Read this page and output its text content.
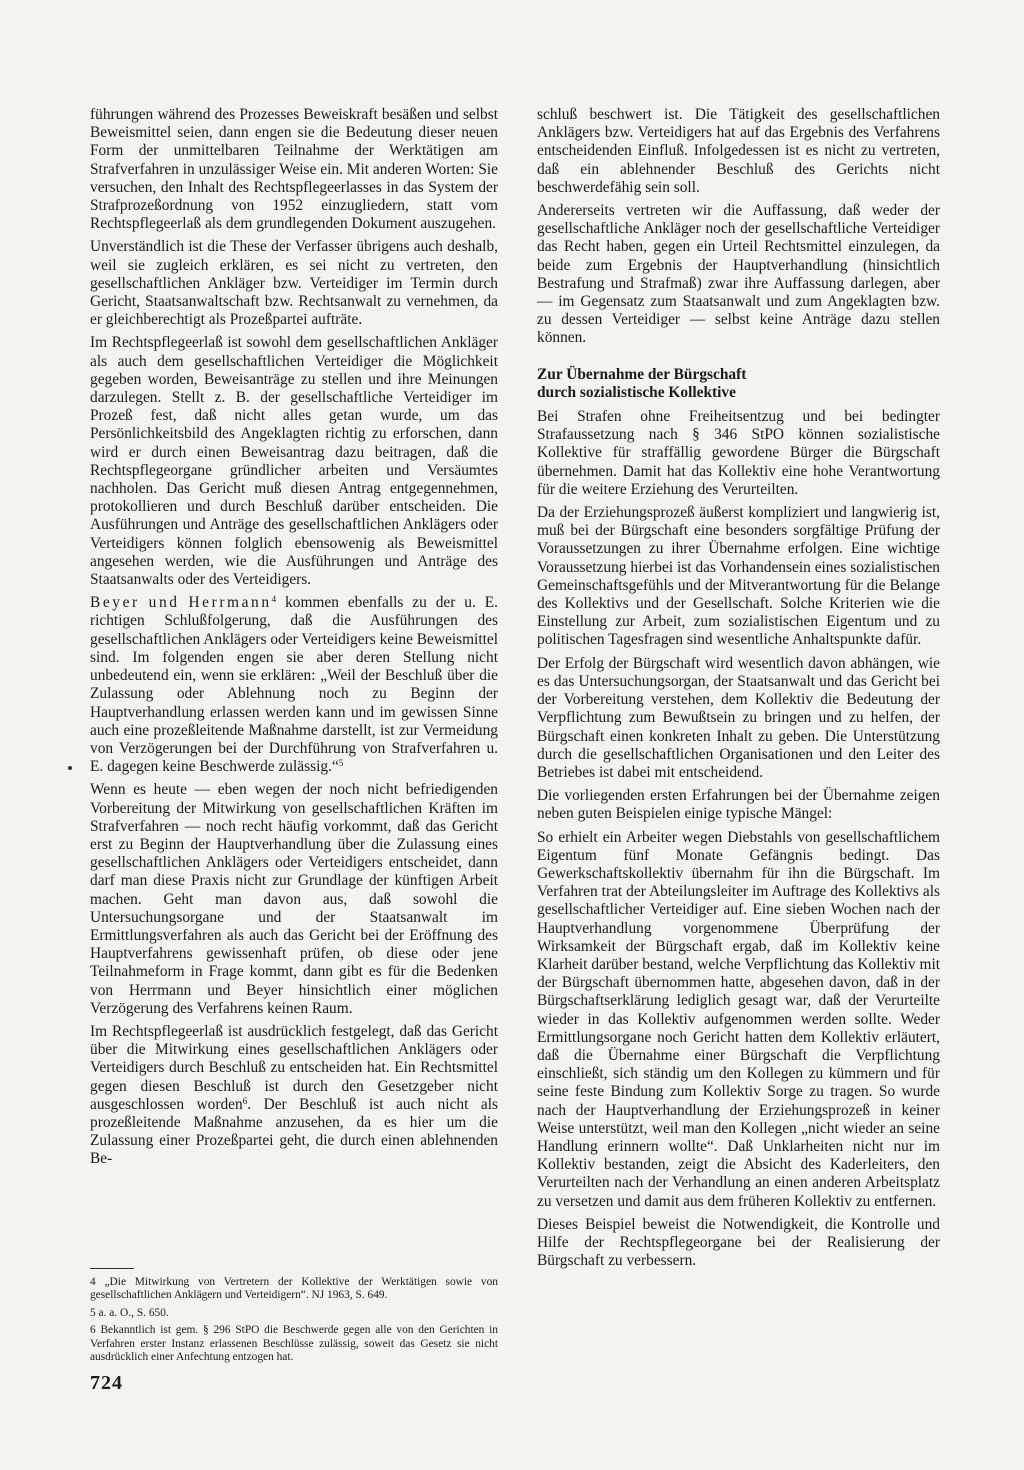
führungen während des Prozesses Beweiskraft besäßen und selbst Beweismittel seien, dann engen sie die Bedeutung dieser neuen Form der unmittelbaren Teilnahme der Werktätigen am Strafverfahren in unzulässiger Weise ein. Mit anderen Worten: Sie versuchen, den Inhalt des Rechtspflegeerlasses in das System der Strafprozeßordnung von 1952 einzugliedern, statt vom Rechtspflegeerlaß als dem grundlegenden Dokument auszugehen.

Unverständlich ist die These der Verfasser übrigens auch deshalb, weil sie zugleich erklären, es sei nicht zu vertreten, den gesellschaftlichen Ankläger bzw. Verteidiger im Termin durch Gericht, Staatsanwaltschaft bzw. Rechtsanwalt zu vernehmen, da er gleichberechtigt als Prozeßpartei aufträte.

Im Rechtspflegeerlaß ist sowohl dem gesellschaftlichen Ankläger als auch dem gesellschaftlichen Verteidiger die Möglichkeit gegeben worden, Beweisanträge zu stellen und ihre Meinungen darzulegen. Stellt z. B. der gesellschaftliche Verteidiger im Prozeß fest, daß nicht alles getan wurde, um das Persönlichkeitsbild des Angeklagten richtig zu erforschen, dann wird er durch einen Beweisantrag dazu beitragen, daß die Rechtspflegeorgane gründlicher arbeiten und Versäumtes nachholen. Das Gericht muß diesen Antrag entgegennehmen, protokollieren und durch Beschluß darüber entscheiden. Die Ausführungen und Anträge des gesellschaftlichen Anklägers oder Verteidigers können folglich ebensowenig als Beweismittel angesehen werden, wie die Ausführungen und Anträge des Staatsanwalts oder des Verteidigers.

Beyer und Herrmann$^4$ kommen ebenfalls zu der u. E. richtigen Schlußfolgerung, daß die Ausführungen des gesellschaftlichen Anklägers oder Verteidigers keine Beweismittel sind. Im folgenden engen sie aber deren Stellung nicht unbedeutend ein, wenn sie erklären: „Weil der Beschluß über die Zulassung oder Ablehnung noch zu Beginn der Hauptverhandlung erlassen werden kann und im gewissen Sinne auch eine prozeßleitende Maßnahme darstellt, ist zur Vermeidung von Verzögerungen bei der Durchführung von Strafverfahren u. E. dagegen keine Beschwerde zulässig.“$^5$

Wenn es heute — eben wegen der noch nicht befriedigenden Vorbereitung der Mitwirkung von gesellschaftlichen Kräften im Strafverfahren — noch recht häufig vorkommt, daß das Gericht erst zu Beginn der Hauptverhandlung über die Zulassung eines gesellschaftlichen Anklägers oder Verteidigers entscheidet, dann darf man diese Praxis nicht zur Grundlage der künftigen Arbeit machen. Geht man davon aus, daß sowohl die Untersuchungsorgane und der Staatsanwalt im Ermittlungsverfahren als auch das Gericht bei der Eröffnung des Hauptverfahrens gewissenhaft prüfen, ob diese oder jene Teilnahmeform in Frage kommt, dann gibt es für die Bedenken von Herrmann und Beyer hinsichtlich einer möglichen Verzögerung des Verfahrens keinen Raum.

Im Rechtspflegeerlaß ist ausdrücklich festgelegt, daß das Gericht über die Mitwirkung eines gesellschaftlichen Anklägers oder Verteidigers durch Beschluß zu entscheiden hat. Ein Rechtsmittel gegen diesen Beschluß ist durch den Gesetzgeber nicht ausgeschlossen worden$^6$. Der Beschluß ist auch nicht als prozeßleitende Maßnahme anzusehen, da es hier um die Zulassung einer Prozeßpartei geht, die durch einen ablehnenden Be-

4 „Die Mitwirkung von Vertretern der Kollektive der Werktätigen sowie von gesellschaftlichen Anklägern und Verteidigern“. NJ 1963, S. 649.

5 a. a. O., S. 650.

6 Bekanntlich ist gem. § 296 StPO die Beschwerde gegen alle von den Gerichten in Verfahren erster Instanz erlassenen Beschlüsse zulässig, soweit das Gesetz sie nicht ausdrücklich einer Anfechtung entzogen hat.

724

schluß beschwert ist. Die Tätigkeit des gesellschaftlichen Anklägers bzw. Verteidigers hat auf das Ergebnis des Verfahrens entscheidenden Einfluß. Infolgedessen ist es nicht zu vertreten, daß ein ablehnender Beschluß des Gerichts nicht beschwerdefähig sein soll.

Andererseits vertreten wir die Auffassung, daß weder der gesellschaftliche Ankläger noch der gesellschaftliche Verteidiger das Recht haben, gegen ein Urteil Rechtsmittel einzulegen, da beide zum Ergebnis der Hauptverhandlung (hinsichtlich Bestrafung und Strafmaß) zwar ihre Auffassung darlegen, aber — im Gegensatz zum Staatsanwalt und zum Angeklagten bzw. zu dessen Verteidiger — selbst keine Anträge dazu stellen können.

Zur Übernahme der Bürgschaft
durch sozialistische Kollektive

Bei Strafen ohne Freiheitsentzug und bei bedingter Strafaussetzung nach § 346 StPO können sozialistische Kollektive für straffällig gewordene Bürger die Bürgschaft übernehmen. Damit hat das Kollektiv eine hohe Verantwortung für die weitere Erziehung des Verurteilten.

Da der Erziehungsprozeß äußerst kompliziert und langwierig ist, muß bei der Bürgschaft eine besonders sorgfältige Prüfung der Voraussetzungen zu ihrer Übernahme erfolgen. Eine wichtige Voraussetzung hierbei ist das Vorhandensein eines sozialistischen Gemeinschaftsgefühls und der Mitverantwortung für die Belange des Kollektivs und der Gesellschaft. Solche Kriterien wie die Einstellung zur Arbeit, zum sozialistischen Eigentum und zu politischen Tagesfragen sind wesentliche Anhaltspunkte dafür.

Der Erfolg der Bürgschaft wird wesentlich davon abhängen, wie es das Untersuchungsorgan, der Staatsanwalt und das Gericht bei der Vorbereitung verstehen, dem Kollektiv die Bedeutung der Verpflichtung zum Bewußtsein zu bringen und zu helfen, der Bürgschaft einen konkreten Inhalt zu geben. Die Unterstützung durch die gesellschaftlichen Organisationen und den Leiter des Betriebes ist dabei mit entscheidend.

Die vorliegenden ersten Erfahrungen bei der Übernahme zeigen neben guten Beispielen einige typische Mängel:

So erhielt ein Arbeiter wegen Diebstahls von gesellschaftlichem Eigentum fünf Monate Gefängnis bedingt. Das Gewerkschaftskollektiv übernahm für ihn die Bürgschaft. Im Verfahren trat der Abteilungsleiter im Auftrage des Kollektivs als gesellschaftlicher Verteidiger auf. Eine sieben Wochen nach der Hauptverhandlung vorgenommene Überprüfung der Wirksamkeit der Bürgschaft ergab, daß im Kollektiv keine Klarheit darüber bestand, welche Verpflichtung das Kollektiv mit der Bürgschaft übernommen hatte, abgesehen davon, daß in der Bürgschaftserklärung lediglich gesagt war, daß der Verurteilte wieder in das Kollektiv aufgenommen werden sollte. Weder Ermittlungsorgane noch Gericht hatten dem Kollektiv erläutert, daß die Übernahme einer Bürgschaft die Verpflichtung einschließt, sich ständig um den Kollegen zu kümmern und für seine feste Bindung zum Kollektiv Sorge zu tragen. So wurde nach der Hauptverhandlung der Erziehungsprozeß in keiner Weise unterstützt, weil man den Kollegen „nicht wieder an seine Handlung erinnern wollte“. Daß Unklarheiten nicht nur im Kollektiv bestanden, zeigt die Absicht des Kaderleiters, den Verurteilten nach der Verhandlung an einen anderen Arbeitsplatz zu versetzen und damit aus dem früheren Kollektiv zu entfernen.

Dieses Beispiel beweist die Notwendigkeit, die Kontrolle und Hilfe der Rechtspflegeorgane bei der Realisierung der Bürgschaft zu verbessern.
